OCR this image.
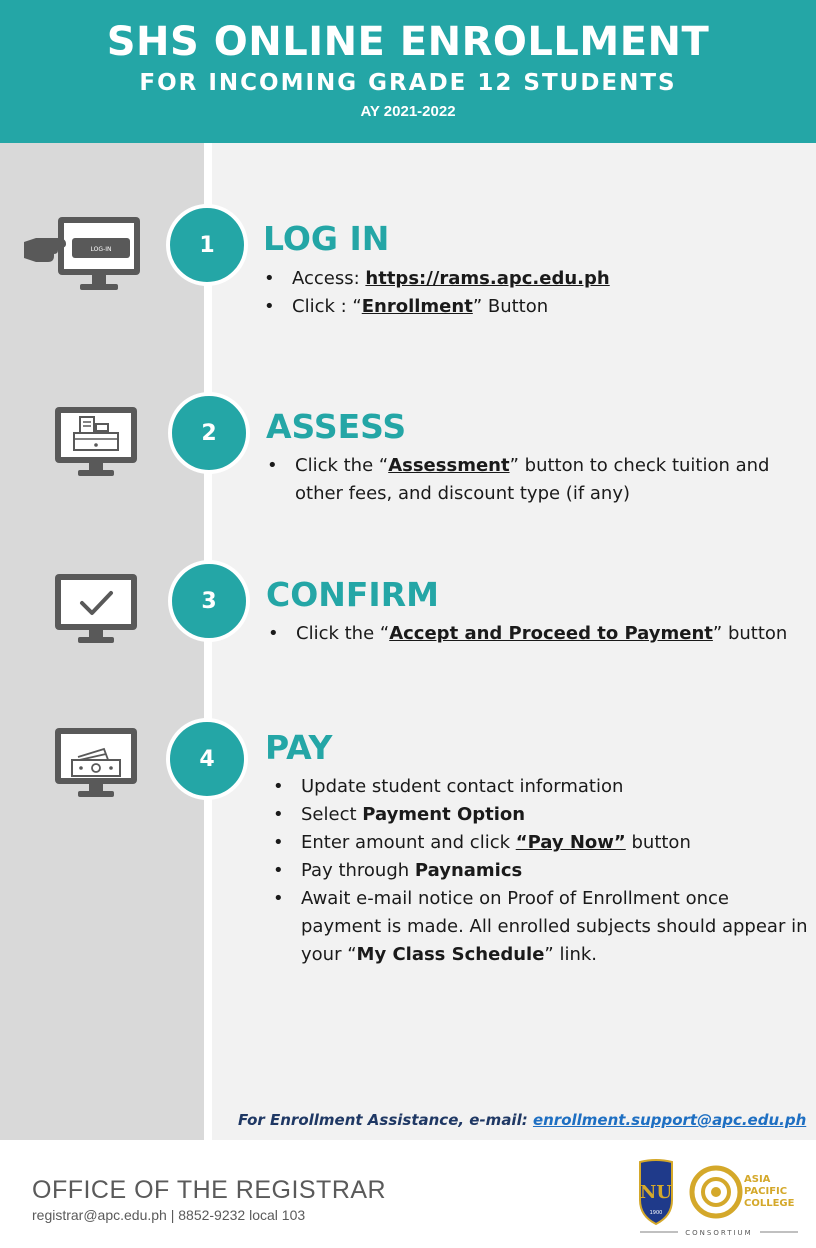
SHS ONLINE ENROLLMENT
FOR INCOMING GRADE 12 STUDENTS
AY 2021-2022
LOG-IN	1 LOG IN
• Access: https://rams.apc.edu.ph
• Click : “Enrollment” Button
2 ASSESS
• Click the “Assessment” button to check tuition and other fees, and discount type (if any)
3 CONFIRM
• Click the “Accept and Proceed to Payment” button
4 PAY
• Update student contact information
• Select Payment Option
• Enter amount and click “Pay Now” button
• Pay through Paynamics
• Await e-mail notice on Proof of Enrollment once payment is made. All enrolled subjects should appear in your “My Class Schedule” link.
For Enrollment Assistance, e-mail: enrollment.support@apc.edu.ph
OFFICE OF THE REGISTRAR
registrar@apc.edu.ph | 8852-9232 local 103
NU
1900
ASIA
PACIFIC
COLLEGE
CONSORTIUM
